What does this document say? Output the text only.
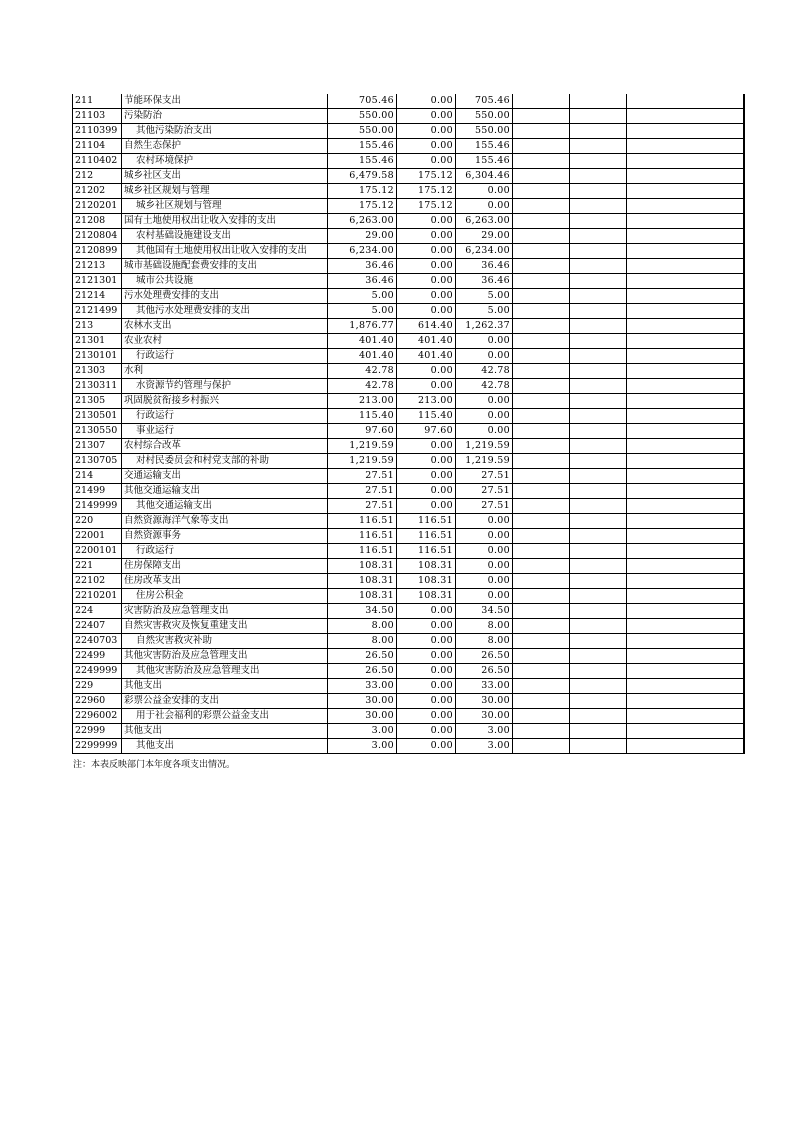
211	节能环保支出	705.46	0.00	705.46			
21103	污染防治	550.00	0.00	550.00			
2110399	其他污染防治支出	550.00	0.00	550.00			
21104	自然生态保护	155.46	0.00	155.46			
2110402	农村环境保护	155.46	0.00	155.46			
212	城乡社区支出	6,479.58	175.12	6,304.46			
21202	城乡社区规划与管理	175.12	175.12	0.00			
2120201	城乡社区规划与管理	175.12	175.12	0.00			
21208	国有土地使用权出让收入安排的支出	6,263.00	0.00	6,263.00			
2120804	农村基础设施建设支出	29.00	0.00	29.00			
2120899	其他国有土地使用权出让收入安排的支出	6,234.00	0.00	6,234.00			
21213	城市基础设施配套费安排的支出	36.46	0.00	36.46			
2121301	城市公共设施	36.46	0.00	36.46			
21214	污水处理费安排的支出	5.00	0.00	5.00			
2121499	其他污水处理费安排的支出	5.00	0.00	5.00			
213	农林水支出	1,876.77	614.40	1,262.37			
21301	农业农村	401.40	401.40	0.00			
2130101	行政运行	401.40	401.40	0.00			
21303	水利	42.78	0.00	42.78			
2130311	水资源节约管理与保护	42.78	0.00	42.78			
21305	巩固脱贫衔接乡村振兴	213.00	213.00	0.00			
2130501	行政运行	115.40	115.40	0.00			
2130550	事业运行	97.60	97.60	0.00			
21307	农村综合改革	1,219.59	0.00	1,219.59			
2130705	对村民委员会和村党支部的补助	1,219.59	0.00	1,219.59			
214	交通运输支出	27.51	0.00	27.51			
21499	其他交通运输支出	27.51	0.00	27.51			
2149999	其他交通运输支出	27.51	0.00	27.51			
220	自然资源海洋气象等支出	116.51	116.51	0.00			
22001	自然资源事务	116.51	116.51	0.00			
2200101	行政运行	116.51	116.51	0.00			
221	住房保障支出	108.31	108.31	0.00			
22102	住房改革支出	108.31	108.31	0.00			
2210201	住房公积金	108.31	108.31	0.00			
224	灾害防治及应急管理支出	34.50	0.00	34.50			
22407	自然灾害救灾及恢复重建支出	8.00	0.00	8.00			
2240703	自然灾害救灾补助	8.00	0.00	8.00			
22499	其他灾害防治及应急管理支出	26.50	0.00	26.50			
2249999	其他灾害防治及应急管理支出	26.50	0.00	26.50			
229	其他支出	33.00	0.00	33.00			
22960	彩票公益金安排的支出	30.00	0.00	30.00			
2296002	用于社会福利的彩票公益金支出	30.00	0.00	30.00			
22999	其他支出	3.00	0.00	3.00			
2299999	其他支出	3.00	0.00	3.00			
注：本表反映部门本年度各项支出情况。
